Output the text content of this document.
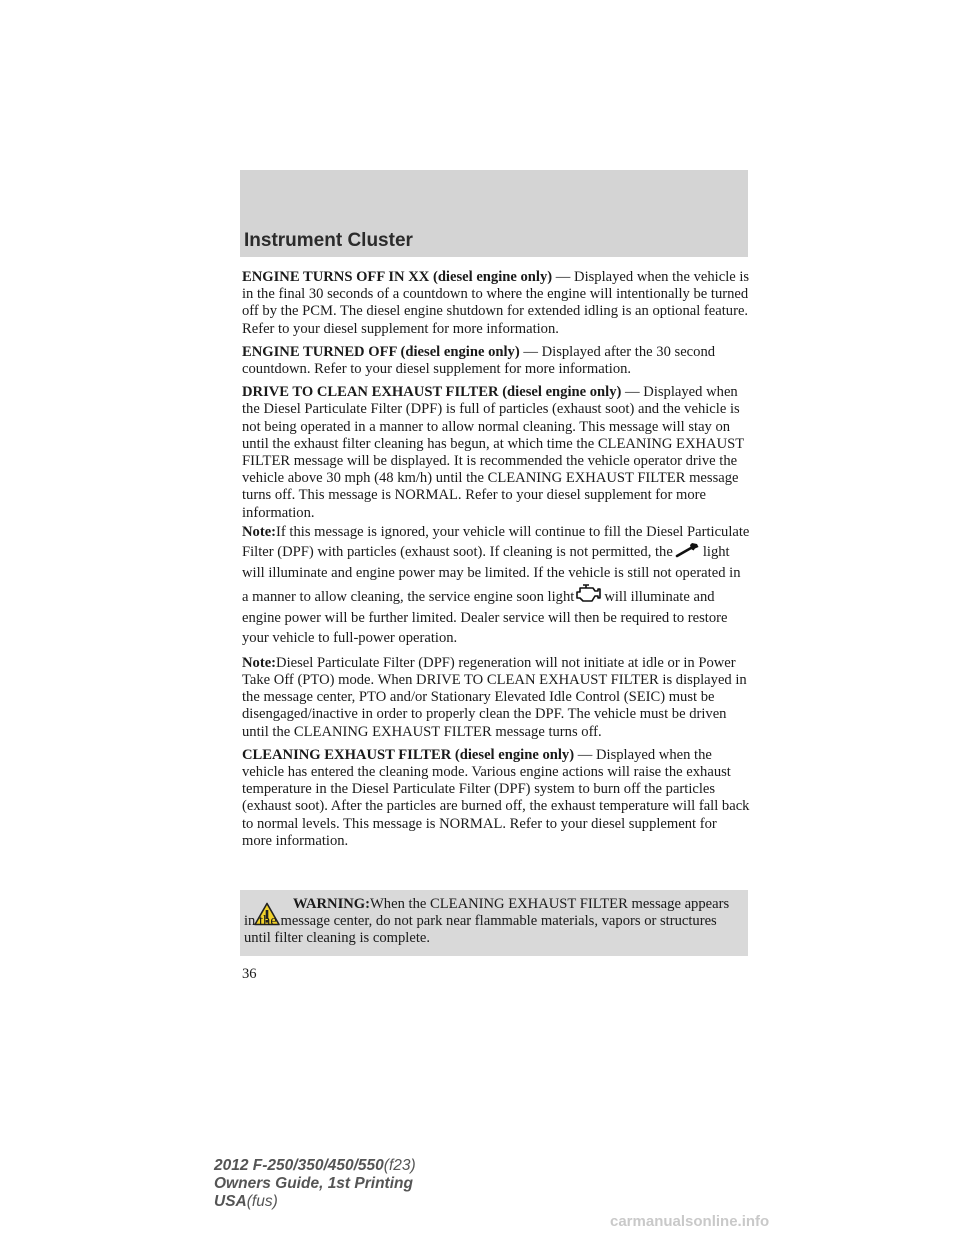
Instrument Cluster

ENGINE TURNS OFF IN XX (diesel engine only) — Displayed when the vehicle is in the final 30 seconds of a countdown to where the engine will intentionally be turned off by the PCM. The diesel engine shutdown for extended idling is an optional feature. Refer to your diesel supplement for more information.

ENGINE TURNED OFF (diesel engine only) — Displayed after the 30 second countdown. Refer to your diesel supplement for more information.

DRIVE TO CLEAN EXHAUST FILTER (diesel engine only) — Displayed when the Diesel Particulate Filter (DPF) is full of particles (exhaust soot) and the vehicle is not being operated in a manner to allow normal cleaning. This message will stay on until the exhaust filter cleaning has begun, at which time the CLEANING EXHAUST FILTER message will be displayed. It is recommended the vehicle operator drive the vehicle above 30 mph (48 km/h) until the CLEANING EXHAUST FILTER message turns off. This message is NORMAL. Refer to your diesel supplement for more information.

Note:If this message is ignored, your vehicle will continue to fill the Diesel Particulate Filter (DPF) with particles (exhaust soot). If cleaning is not permitted, the light will illuminate and engine power may be limited. If the vehicle is still not operated in a manner to allow cleaning, the service engine soon light will illuminate and engine power will be further limited. Dealer service will then be required to restore your vehicle to full-power operation.

Note:Diesel Particulate Filter (DPF) regeneration will not initiate at idle or in Power Take Off (PTO) mode. When DRIVE TO CLEAN EXHAUST FILTER is displayed in the message center, PTO and/or Stationary Elevated Idle Control (SEIC) must be disengaged/inactive in order to properly clean the DPF. The vehicle must be driven until the CLEANING EXHAUST FILTER message turns off.

CLEANING EXHAUST FILTER (diesel engine only) — Displayed when the vehicle has entered the cleaning mode. Various engine actions will raise the exhaust temperature in the Diesel Particulate Filter (DPF) system to burn off the particles (exhaust soot). After the particles are burned off, the exhaust temperature will fall back to normal levels. This message is NORMAL. Refer to your diesel supplement for more information.

WARNING:When the CLEANING EXHAUST FILTER message appears in the message center, do not park near flammable materials, vapors or structures until filter cleaning is complete.
36
2012 F-250/350/450/550(f23)
Owners Guide, 1st Printing
USA(fus)
carmanualsonline.info
